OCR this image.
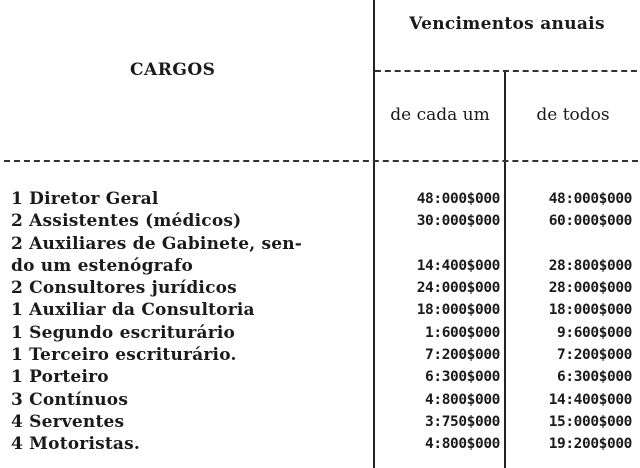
Vencimentos anuais
CARGOS
de cada um	de todos
1 Diretor Geral	48:000$000	48:000$000
2 Assistentes (médicos)	30:000$000	60:000$000
2 Auxiliares de Gabinete, sen-
do um estenógrafo	14:400$000	28:800$000
2 Consultores jurídicos	24:000$000	28:000$000
1 Auxiliar da Consultoria	18:000$000	18:000$000
1 Segundo escriturário	1:600$000	9:600$000
1 Terceiro escriturário.	7:200$000	7:200$000
1 Porteiro	6:300$000	6:300$000
3 Contínuos	4:800$000	14:400$000
4 Serventes	3:750$000	15:000$000
4 Motoristas.	4:800$000	19:200$000
